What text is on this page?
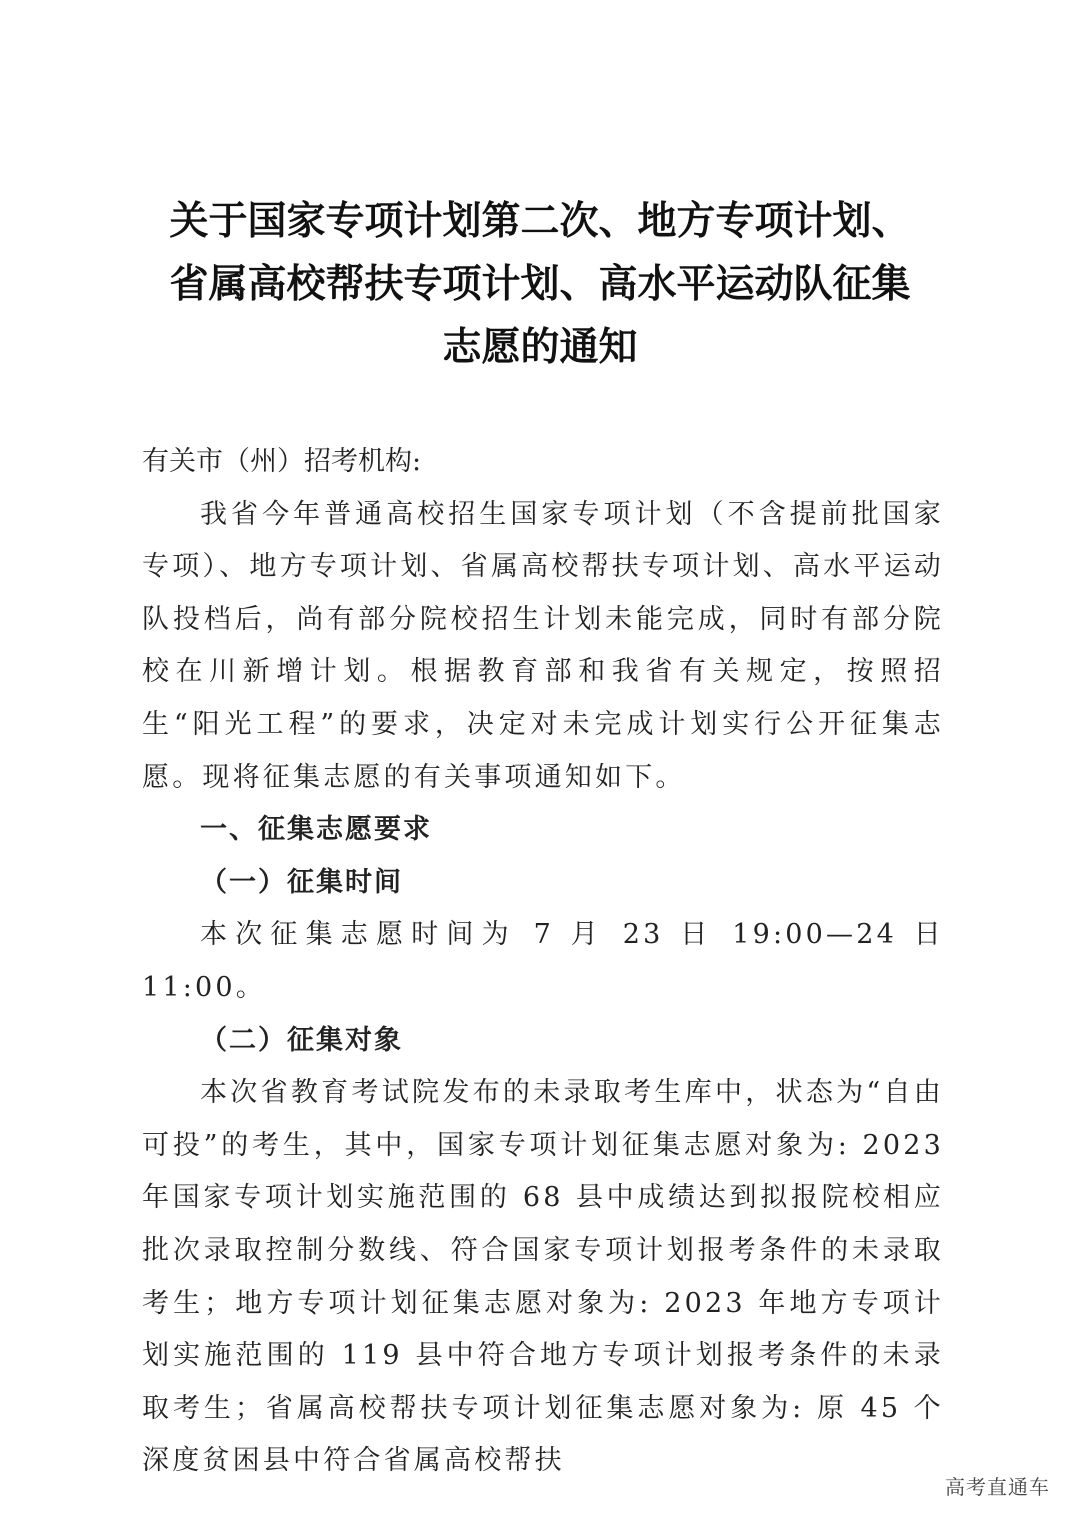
关于国家专项计划第二次、地方专项计划、
省属高校帮扶专项计划、高水平运动队征集
志愿的通知

有关市（州）招考机构:

我省今年普通高校招生国家专项计划（不含提前批国家专项）、地方专项计划、省属高校帮扶专项计划、高水平运动队投档后，尚有部分院校招生计划未能完成，同时有部分院校在川新增计划。根据教育部和我省有关规定，按照招生“阳光工程”的要求，决定对未完成计划实行公开征集志愿。现将征集志愿的有关事项通知如下。

一、征集志愿要求

（一）征集时间

本次征集志愿时间为 7 月 23 日 19:00—24 日 11:00。

（二）征集对象

本次省教育考试院发布的未录取考生库中，状态为“自由可投”的考生，其中，国家专项计划征集志愿对象为: 2023 年国家专项计划实施范围的 68 县中成绩达到拟报院校相应批次录取控制分数线、符合国家专项计划报考条件的未录取考生；地方专项计划征集志愿对象为: 2023 年地方专项计划实施范围的 119 县中符合地方专项计划报考条件的未录取考生；省属高校帮扶专项计划征集志愿对象为: 原 45 个深度贫困县中符合省属高校帮扶

高考直通车
